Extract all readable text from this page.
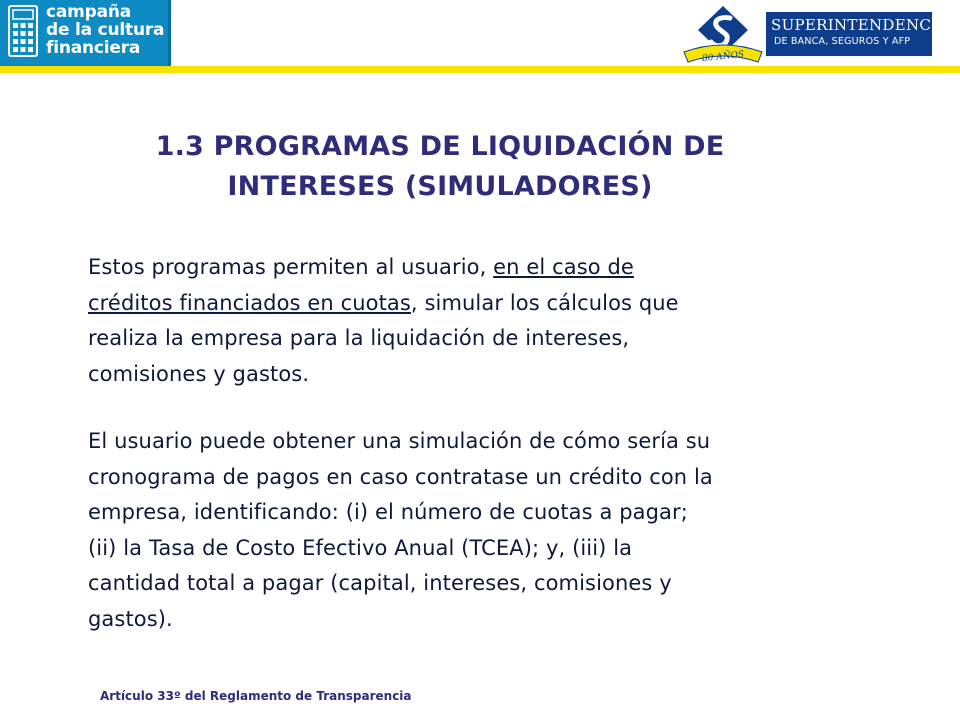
campaña
de la cultura
financiera	80 AÑOS
SUPERINTENDENCIA
DE BANCA, SEGUROS Y AFP
1.3 PROGRAMAS DE LIQUIDACIÓN DE
INTERESES (SIMULADORES)
Estos programas permiten al usuario, en el caso de
créditos financiados en cuotas, simular los cálculos que
realiza la empresa para la liquidación de intereses,
comisiones y gastos.
El usuario puede obtener una simulación de cómo sería su
cronograma de pagos en caso contratase un crédito con la
empresa, identificando: (i) el número de cuotas a pagar;
(ii) la Tasa de Costo Efectivo Anual (TCEA); y, (iii) la
cantidad total a pagar (capital, intereses, comisiones y
gastos).
Artículo 33º del Reglamento de Transparencia
